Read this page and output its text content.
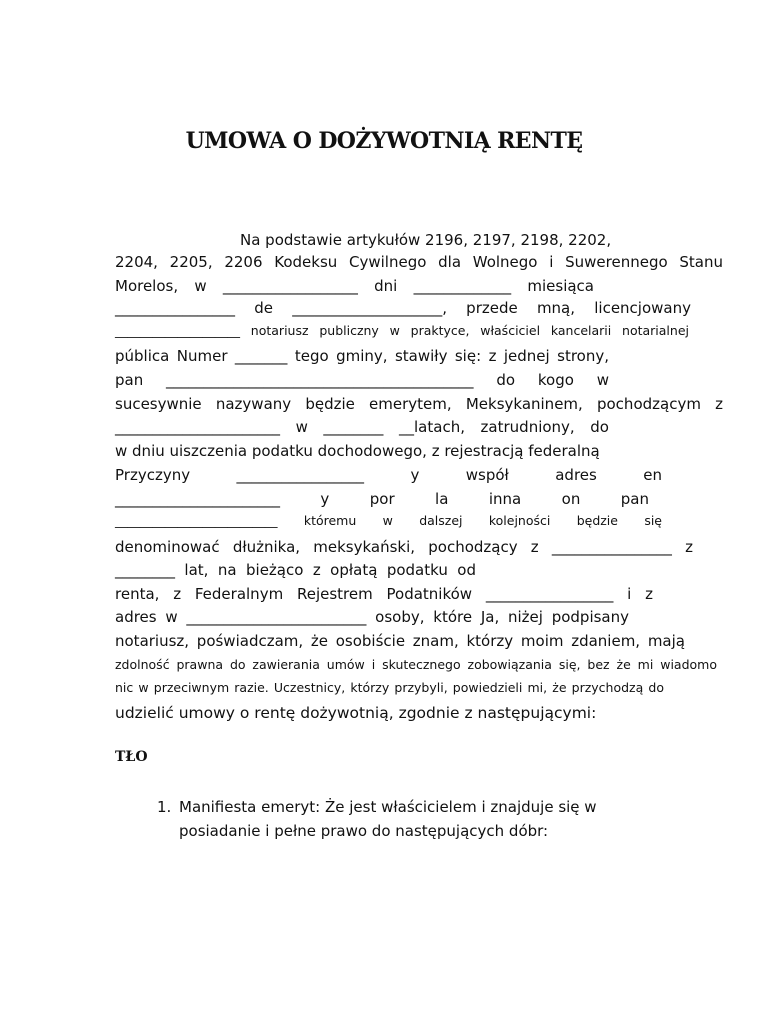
UMOWA O DOŻYWOTNIĄ RENTĘ
Na podstawie artykułów 2196, 2197, 2198, 2202,
2204, 2205, 2206 Kodeksu Cywilnego dla Wolnego i Suwerennego Stanu
Morelos, w __________________ dni _____________ miesiąca
________________ de ____________________, przede mną, licencjowany
____________________ notariusz publiczny w praktyce, właściciel kancelarii notarialnej
pública Numer _______ tego gminy, stawiły się: z jednej strony,
pan _________________________________________ do kogo w
sucesywnie nazywany będzie emerytem, Meksykaninem, pochodzącym z
______________________ w ________ __latach, zatrudniony, do
w dniu uiszczenia podatku dochodowego, z rejestracją federalną
Przyczyny _________________ y współ adres en
______________________ y por la inna on pan
__________________________ któremu w dalszej kolejności będzie się
denominować dłużnika, meksykański, pochodzący z ________________ z
________ lat, na bieżąco z opłatą podatku od
renta, z Federalnym Rejestrem Podatników _________________ i z
adres w ________________________ osoby, które Ja, niżej podpisany
notariusz, poświadczam, że osobiście znam, którzy moim zdaniem, mają
zdolność prawna do zawierania umów i skutecznego zobowiązania się, bez że mi wiadomo
nic w przeciwnym razie. Uczestnicy, którzy przybyli, powiedzieli mi, że przychodzą do
udzielić umowy o rentę dożywotnią, zgodnie z następującymi:
TŁO
1. Manifiesta emeryt: Że jest właścicielem i znajduje się w
posiadanie i pełne prawo do następujących dóbr:
